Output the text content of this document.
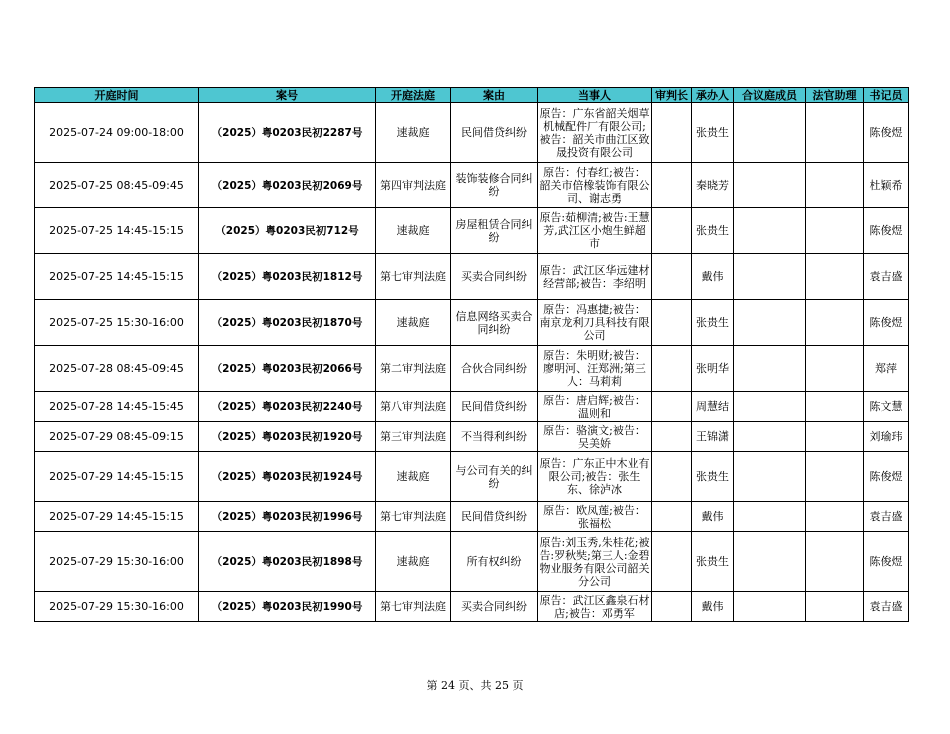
开庭时间	案号	开庭法庭	案由	当事人	审判长	承办人	合议庭成员	法官助理	书记员
2025-07-24 09:00-18:00	（2025）粤0203民初2287号	速裁庭	民间借贷纠纷	原告：广东省韶关烟草机械配件厂有限公司;被告：韶关市曲江区致晟投资有限公司		张贵生			陈俊煜
2025-07-25 08:45-09:45	（2025）粤0203民初2069号	第四审判法庭	装饰装修合同纠纷	原告：付春红;被告：韶关市倍橡装饰有限公司、谢志勇		秦晓芳			杜颖希
2025-07-25 14:45-15:15	（2025）粤0203民初712号	速裁庭	房屋租赁合同纠纷	原告:茹柳清;被告:王慧芳,武江区小炮生鲜超市		张贵生			陈俊煜
2025-07-25 14:45-15:15	（2025）粤0203民初1812号	第七审判法庭	买卖合同纠纷	原告：武江区华远建材经营部;被告：李绍明		戴伟			袁吉盛
2025-07-25 15:30-16:00	（2025）粤0203民初1870号	速裁庭	信息网络买卖合同纠纷	原告：冯惠捷;被告：南京龙利刀具科技有限公司		张贵生			陈俊煜
2025-07-28 08:45-09:45	（2025）粤0203民初2066号	第二审判法庭	合伙合同纠纷	原告：朱明财;被告：廖明河、汪郑洲;第三人：马莉莉		张明华			郑萍
2025-07-28 14:45-15:45	（2025）粤0203民初2240号	第八审判法庭	民间借贷纠纷	原告：唐启辉;被告：温则和		周慧结			陈文慧
2025-07-29 08:45-09:15	（2025）粤0203民初1920号	第三审判法庭	不当得利纠纷	原告：骆演文;被告：吴美娇		王锦潇			刘瑜玮
2025-07-29 14:45-15:15	（2025）粤0203民初1924号	速裁庭	与公司有关的纠纷	原告：广东正中木业有限公司;被告：张生东、徐泸冰		张贵生			陈俊煜
2025-07-29 14:45-15:15	（2025）粤0203民初1996号	第七审判法庭	民间借贷纠纷	原告：欧凤莲;被告：张福松		戴伟			袁吉盛
2025-07-29 15:30-16:00	（2025）粤0203民初1898号	速裁庭	所有权纠纷	原告:刘玉秀,朱桂花;被告:罗秋奘;第三人:金碧物业服务有限公司韶关分公司		张贵生			陈俊煜
2025-07-29 15:30-16:00	（2025）粤0203民初1990号	第七审判法庭	买卖合同纠纷	原告：武江区鑫泉石材店;被告：邓勇军		戴伟			袁吉盛
第 24 页、共 25 页
